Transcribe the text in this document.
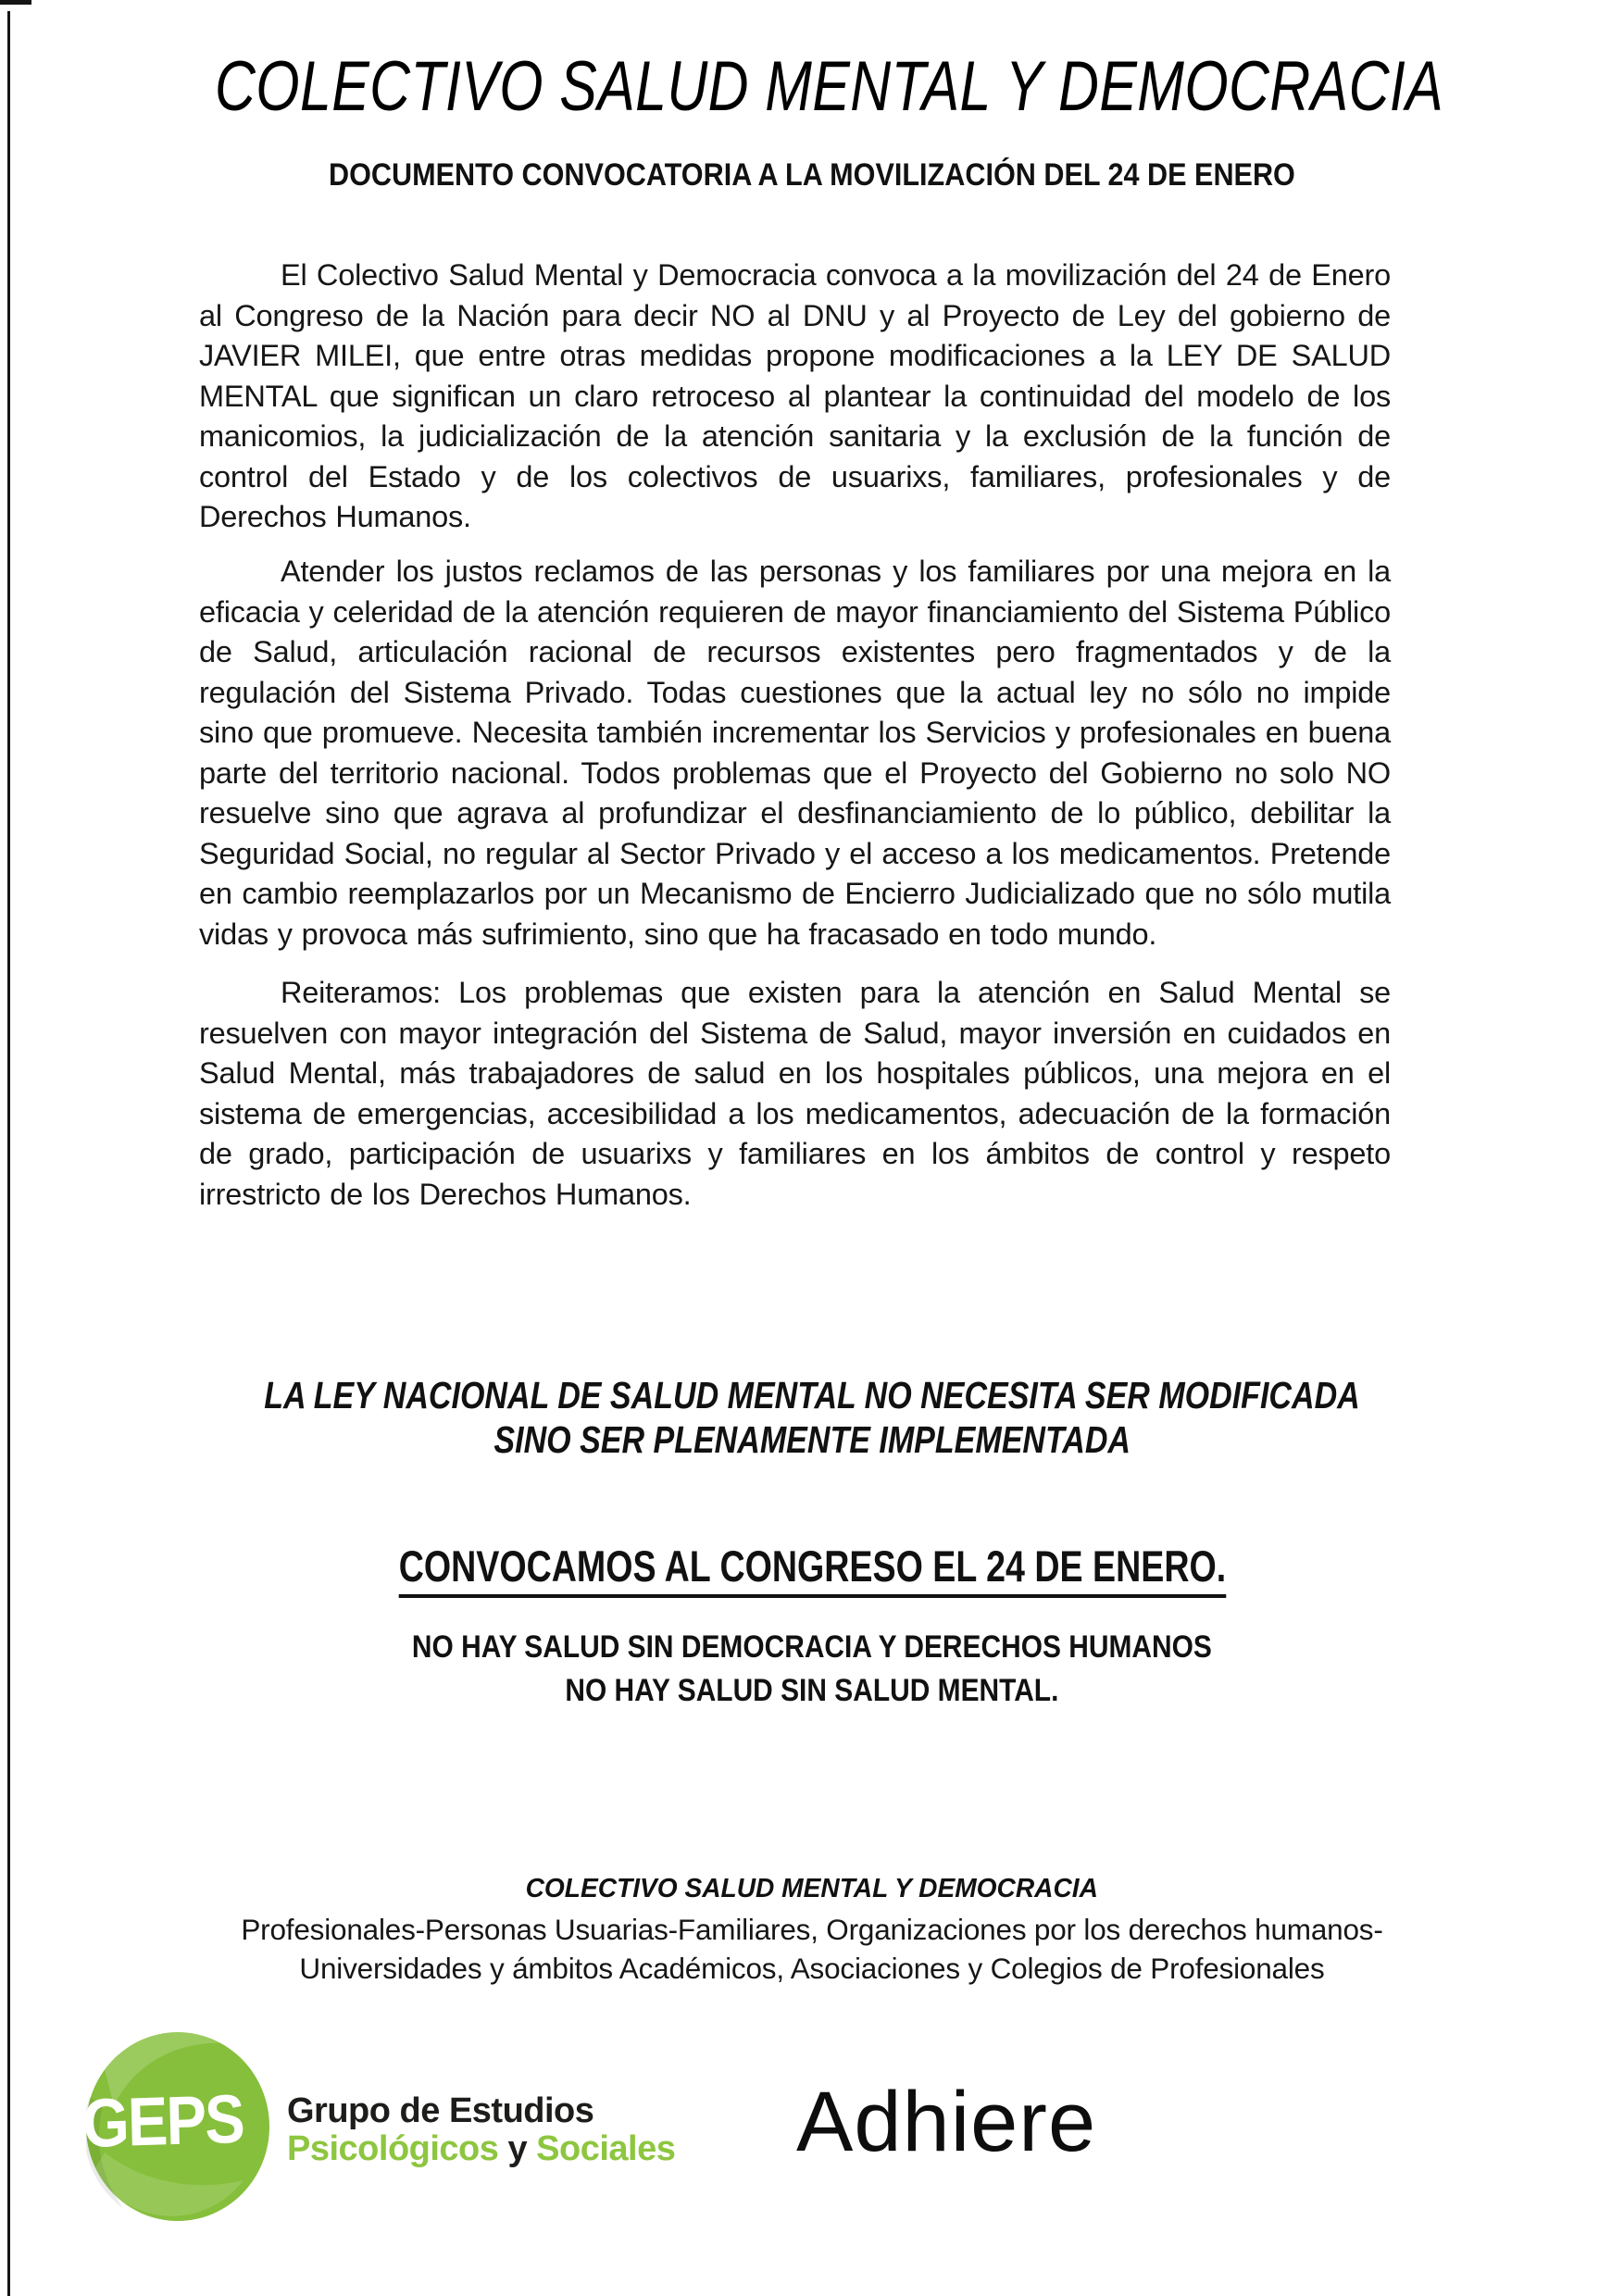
COLECTIVO SALUD MENTAL Y DEMOCRACIA
DOCUMENTO CONVOCATORIA A LA MOVILIZACIÓN DEL 24 DE ENERO
El Colectivo Salud Mental y Democracia convoca a la movilización del 24 de Enero al Congreso de la Nación para decir NO al DNU y al Proyecto de Ley del gobierno de JAVIER MILEI, que entre otras medidas propone modificaciones a la LEY DE SALUD MENTAL que significan un claro retroceso al plantear la continuidad del modelo de los manicomios, la judicialización de la atención sanitaria y la exclusión de la función de control del Estado y de los colectivos de usuarixs, familiares, profesionales y de Derechos Humanos.
Atender los justos reclamos de las personas y los familiares por una mejora en la eficacia y celeridad de la atención requieren de mayor financiamiento del Sistema Público de Salud, articulación racional de recursos existentes pero fragmentados y de la regulación del Sistema Privado. Todas cuestiones que la actual ley no sólo no impide sino que promueve. Necesita también incrementar los Servicios y profesionales en buena parte del territorio nacional. Todos problemas que el Proyecto del Gobierno no solo NO resuelve sino que agrava al profundizar el desfinanciamiento de lo público, debilitar la Seguridad Social, no regular al Sector Privado y el acceso a los medicamentos. Pretende en cambio reemplazarlos por un Mecanismo de Encierro Judicializado que no sólo mutila vidas y provoca más sufrimiento, sino que ha fracasado en todo mundo.
Reiteramos: Los problemas que existen para la atención en Salud Mental se resuelven con mayor integración del Sistema de Salud, mayor inversión en cuidados en Salud Mental, más trabajadores de salud en los hospitales públicos, una mejora en el sistema de emergencias, accesibilidad a los medicamentos, adecuación de la formación de grado, participación de usuarixs y familiares en los ámbitos de control y respeto irrestricto de los Derechos Humanos.
LA LEY NACIONAL DE SALUD MENTAL NO NECESITA SER MODIFICADA
SINO SER PLENAMENTE IMPLEMENTADA
CONVOCAMOS AL CONGRESO EL 24 DE ENERO.
NO HAY SALUD SIN DEMOCRACIA Y DERECHOS HUMANOS
NO HAY SALUD SIN SALUD MENTAL.
COLECTIVO SALUD MENTAL Y DEMOCRACIA
Profesionales-Personas Usuarias-Familiares, Organizaciones por los derechos humanos-
Universidades y ámbitos Académicos, Asociaciones y Colegios de Profesionales
GEPS Grupo de Estudios
Psicológicos y Sociales Adhiere
